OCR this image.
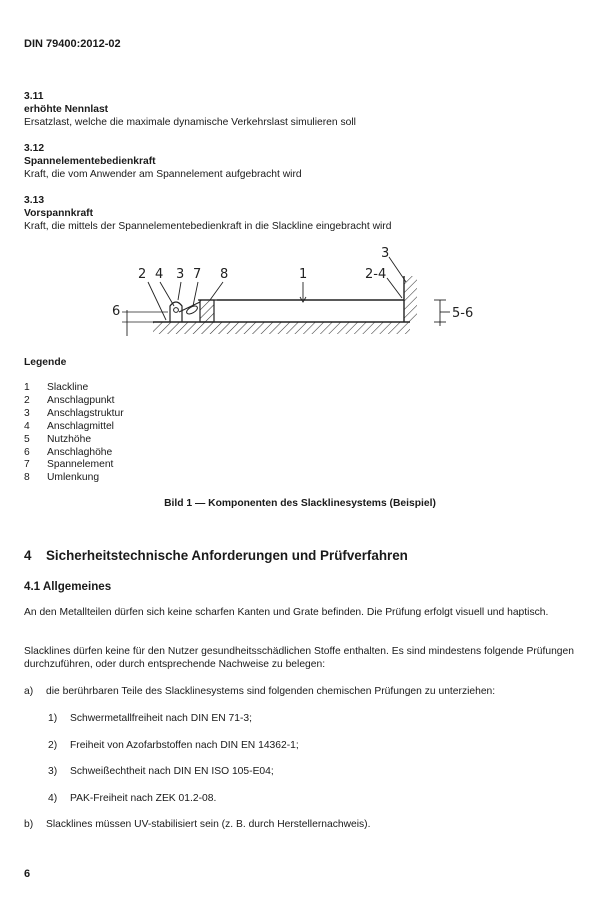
DIN 79400:2012-02
3.11
erhöhte Nennlast
Ersatzlast, welche die maximale dynamische Verkehrslast simulieren soll
3.12
Spannelementebedienkraft
Kraft, die vom Anwender am Spannelement aufgebracht wird
3.13
Vorspannkraft
Kraft, die mittels der Spannelementebedienkraft in die Slackline eingebracht wird
2 4 3 7 8	1	2-4
3
6	5-6
Legende
1	Slackline
2	Anschlagpunkt
3	Anschlagstruktur
4	Anschlagmittel
5	Nutzhöhe
6	Anschlaghöhe
7	Spannelement
8	Umlenkung
Bild 1 — Komponenten des Slacklinesystems (Beispiel)
4 Sicherheitstechnische Anforderungen und Prüfverfahren
4.1 Allgemeines
An den Metallteilen dürfen sich keine scharfen Kanten und Grate befinden. Die Prüfung erfolgt visuell und haptisch.
Slacklines dürfen keine für den Nutzer gesundheitsschädlichen Stoffe enthalten. Es sind mindestens folgende Prüfungen durchzuführen, oder durch entsprechende Nachweise zu belegen:
a) die berührbaren Teile des Slacklinesystems sind folgenden chemischen Prüfungen zu unterziehen:
1) Schwermetallfreiheit nach DIN EN 71-3;
2) Freiheit von Azofarbstoffen nach DIN EN 14362-1;
3) Schweißechtheit nach DIN EN ISO 105-E04;
4) PAK-Freiheit nach ZEK 01.2-08.
b) Slacklines müssen UV-stabilisiert sein (z. B. durch Herstellernachweis).
6
